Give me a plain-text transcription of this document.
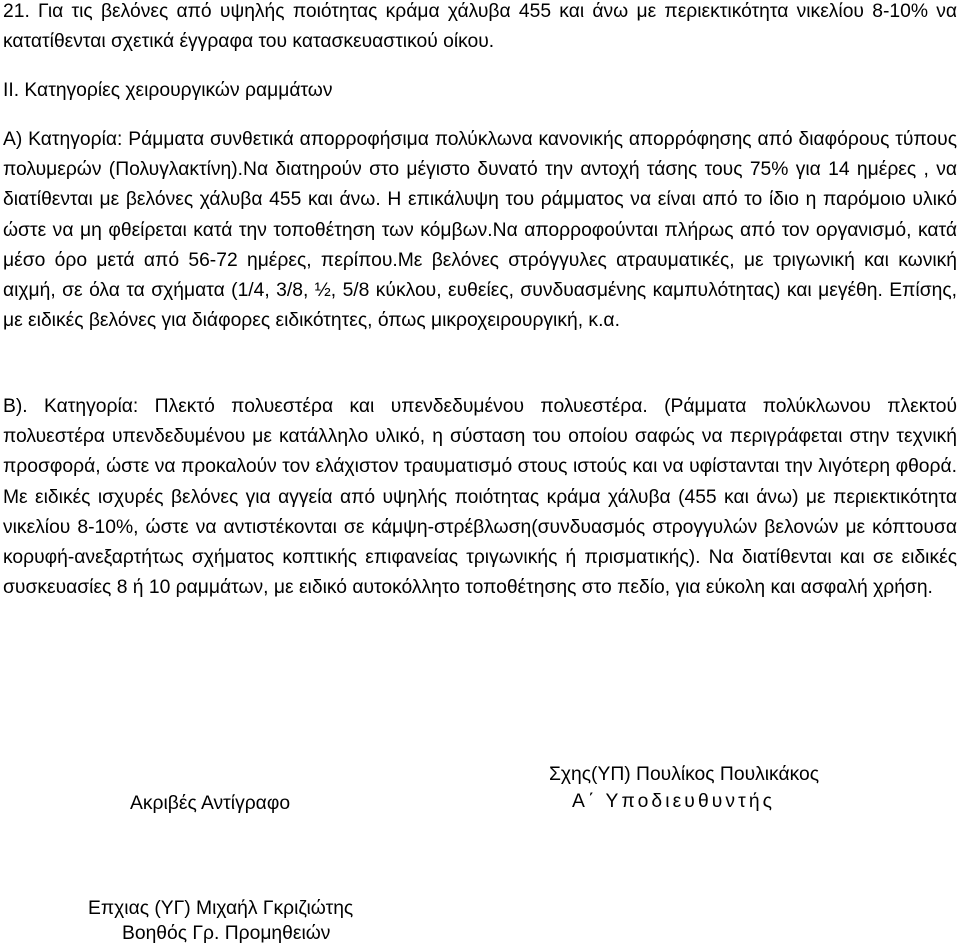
21. Για τις βελόνες από υψηλής ποιότητας κράμα χάλυβα 455 και άνω με περιεκτικότητα νικελίου 8-10% να κατατίθενται σχετικά έγγραφα του κατασκευαστικού οίκου.

ΙΙ. Κατηγορίες χειρουργικών ραμμάτων

Α) Κατηγορία: Ράμματα συνθετικά απορροφήσιμα πολύκλωνα κανονικής απορρόφησης από διαφόρους τύπους πολυμερών (Πολυγλακτίνη).Να διατηρούν στο μέγιστο δυνατό την αντοχή τάσης τους 75% για 14 ημέρες , να διατίθενται με βελόνες χάλυβα 455 και άνω. Η επικάλυψη του ράμματος να είναι από το ίδιο η παρόμοιο υλικό ώστε να μη φθείρεται κατά την τοποθέτηση των κόμβων.Να απορροφούνται πλήρως από τον οργανισμό, κατά μέσο όρο μετά από 56-72 ημέρες, περίπου.Με βελόνες στρόγγυλες ατραυματικές, με τριγωνική και κωνική αιχμή, σε όλα τα σχήματα (1/4, 3/8, ½, 5/8 κύκλου, ευθείες, συνδυασμένης καμπυλότητας) και μεγέθη. Επίσης, με ειδικές βελόνες για διάφορες ειδικότητες, όπως μικροχειρουργική, κ.α.

Β). Κατηγορία: Πλεκτό πολυεστέρα και υπενδεδυμένου πολυεστέρα. (Ράμματα πολύκλωνου πλεκτού πολυεστέρα υπενδεδυμένου με κατάλληλο υλικό, η σύσταση του οποίου σαφώς να περιγράφεται στην τεχνική προσφορά, ώστε να προκαλούν τον ελάχιστον τραυματισμό στους ιστούς και να υφίστανται την λιγότερη φθορά. Με ειδικές ισχυρές βελόνες για αγγεία από υψηλής ποιότητας κράμα χάλυβα (455 και άνω) με περιεκτικότητα νικελίου 8-10%, ώστε να αντιστέκονται σε κάμψη-στρέβλωση(συνδυασμός στρογγυλών βελονών με κόπτουσα κορυφή-ανεξαρτήτως σχήματος κοπτικής επιφανείας τριγωνικής ή πρισματικής). Να διατίθενται και σε ειδικές συσκευασίες 8 ή 10 ραμμάτων, με ειδικό αυτοκόλλητο τοποθέτησης στο πεδίο, για εύκολη και ασφαλή χρήση.

Σχης(ΥΠ) Πουλίκος Πουλικάκος
Α΄ Υποδιευθυντής
Ακριβές Αντίγραφο
Επχιας (ΥΓ) Μιχαήλ Γκριζιώτης
Βοηθός Γρ. Προμηθειών
